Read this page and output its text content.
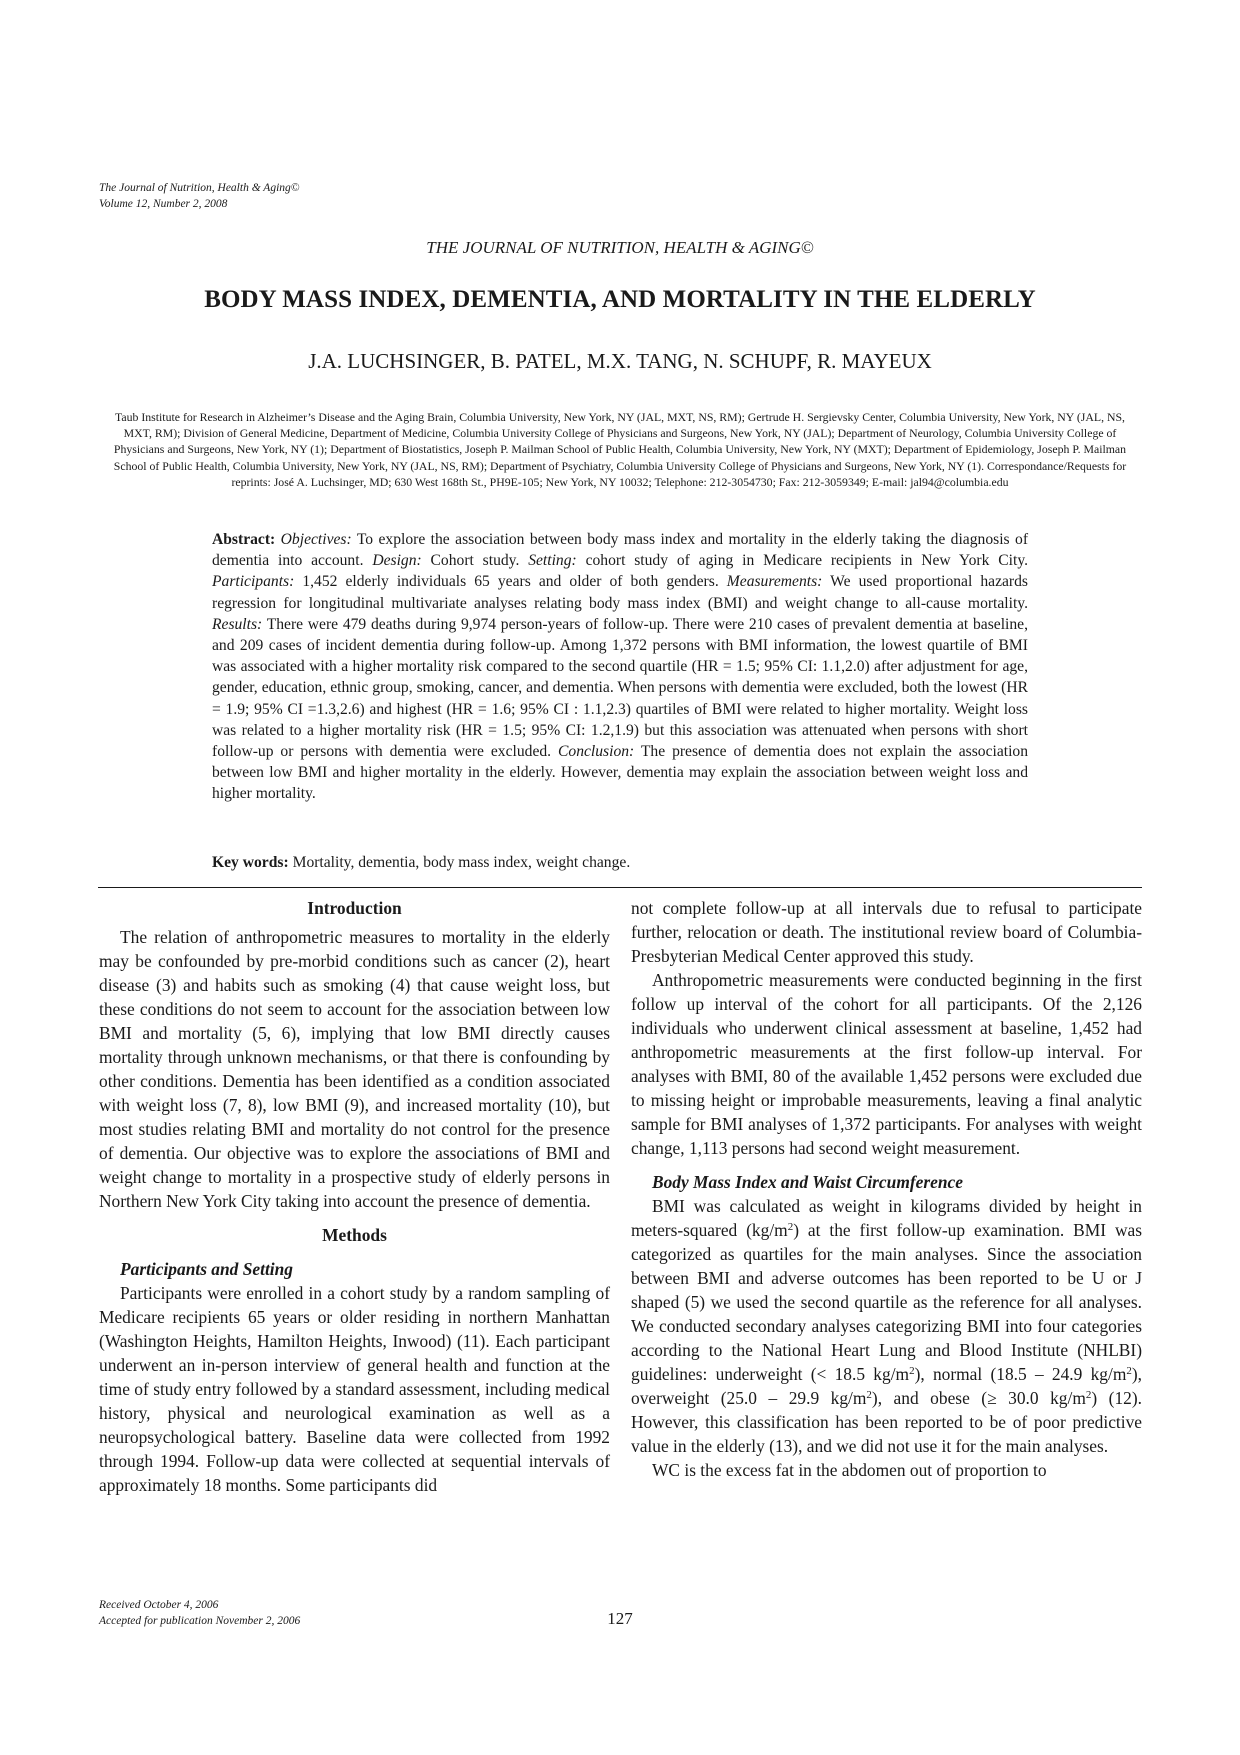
The Journal of Nutrition, Health & Aging©
Volume 12, Number 2, 2008
THE JOURNAL OF NUTRITION, HEALTH & AGING©
BODY MASS INDEX, DEMENTIA, AND MORTALITY IN THE ELDERLY
J.A. LUCHSINGER, B. PATEL, M.X. TANG, N. SCHUPF, R. MAYEUX
Taub Institute for Research in Alzheimer’s Disease and the Aging Brain, Columbia University, New York, NY (JAL, MXT, NS, RM); Gertrude H. Sergievsky Center, Columbia University, New York, NY (JAL, NS, MXT, RM); Division of General Medicine, Department of Medicine, Columbia University College of Physicians and Surgeons, New York, NY (JAL); Department of Neurology, Columbia University College of Physicians and Surgeons, New York, NY (1); Department of Biostatistics, Joseph P. Mailman School of Public Health, Columbia University, New York, NY (MXT); Department of Epidemiology, Joseph P. Mailman School of Public Health, Columbia University, New York, NY (JAL, NS, RM); Department of Psychiatry, Columbia University College of Physicians and Surgeons, New York, NY (1). Correspondance/Requests for reprints: José A. Luchsinger, MD; 630 West 168th St., PH9E-105; New York, NY 10032; Telephone: 212-3054730; Fax: 212-3059349; E-mail: jal94@columbia.edu
Abstract: Objectives: To explore the association between body mass index and mortality in the elderly taking the diagnosis of dementia into account. Design: Cohort study. Setting: cohort study of aging in Medicare recipients in New York City. Participants: 1,452 elderly individuals 65 years and older of both genders. Measurements: We used proportional hazards regression for longitudinal multivariate analyses relating body mass index (BMI) and weight change to all-cause mortality. Results: There were 479 deaths during 9,974 person-years of follow-up. There were 210 cases of prevalent dementia at baseline, and 209 cases of incident dementia during follow-up. Among 1,372 persons with BMI information, the lowest quartile of BMI was associated with a higher mortality risk compared to the second quartile (HR = 1.5; 95% CI: 1.1,2.0) after adjustment for age, gender, education, ethnic group, smoking, cancer, and dementia. When persons with dementia were excluded, both the lowest (HR = 1.9; 95% CI =1.3,2.6) and highest (HR = 1.6; 95% CI : 1.1,2.3) quartiles of BMI were related to higher mortality. Weight loss was related to a higher mortality risk (HR = 1.5; 95% CI: 1.2,1.9) but this association was attenuated when persons with short follow-up or persons with dementia were excluded. Conclusion: The presence of dementia does not explain the association between low BMI and higher mortality in the elderly. However, dementia may explain the association between weight loss and higher mortality.
Key words: Mortality, dementia, body mass index, weight change.
Introduction

The relation of anthropometric measures to mortality in the elderly may be confounded by pre-morbid conditions such as cancer (2), heart disease (3) and habits such as smoking (4) that cause weight loss, but these conditions do not seem to account for the association between low BMI and mortality (5, 6), implying that low BMI directly causes mortality through unknown mechanisms, or that there is confounding by other conditions. Dementia has been identified as a condition associated with weight loss (7, 8), low BMI (9), and increased mortality (10), but most studies relating BMI and mortality do not control for the presence of dementia. Our objective was to explore the associations of BMI and weight change to mortality in a prospective study of elderly persons in Northern New York City taking into account the presence of dementia.

Methods
Participants and Setting

Participants were enrolled in a cohort study by a random sampling of Medicare recipients 65 years or older residing in northern Manhattan (Washington Heights, Hamilton Heights, Inwood) (11). Each participant underwent an in-person interview of general health and function at the time of study entry followed by a standard assessment, including medical history, physical and neurological examination as well as a neuropsychological battery. Baseline data were collected from 1992 through 1994. Follow-up data were collected at sequential intervals of approximately 18 months. Some participants did

not complete follow-up at all intervals due to refusal to participate further, relocation or death. The institutional review board of Columbia-Presbyterian Medical Center approved this study.

Anthropometric measurements were conducted beginning in the first follow up interval of the cohort for all participants. Of the 2,126 individuals who underwent clinical assessment at baseline, 1,452 had anthropometric measurements at the first follow-up interval. For analyses with BMI, 80 of the available 1,452 persons were excluded due to missing height or improbable measurements, leaving a final analytic sample for BMI analyses of 1,372 participants. For analyses with weight change, 1,113 persons had second weight measurement.

Body Mass Index and Waist Circumference

BMI was calculated as weight in kilograms divided by height in meters-squared $(kg/m^2)$ at the first follow-up examination. BMI was categorized as quartiles for the main analyses. Since the association between BMI and adverse outcomes has been reported to be U or J shaped (5) we used the second quartile as the reference for all analyses. We conducted secondary analyses categorizing BMI into four categories according to the National Heart Lung and Blood Institute (NHLBI) guidelines: underweight (< 18.5 $kg/m^2$), normal (18.5 – 24.9 $kg/m^2$), overweight (25.0 – 29.9 $kg/m^2$), and obese (≥ 30.0 $kg/m^2$) (12). However, this classification has been reported to be of poor predictive value in the elderly (13), and we did not use it for the main analyses.

WC is the excess fat in the abdomen out of proportion to

Received October 4, 2006
Accepted for publication November 2, 2006	127
